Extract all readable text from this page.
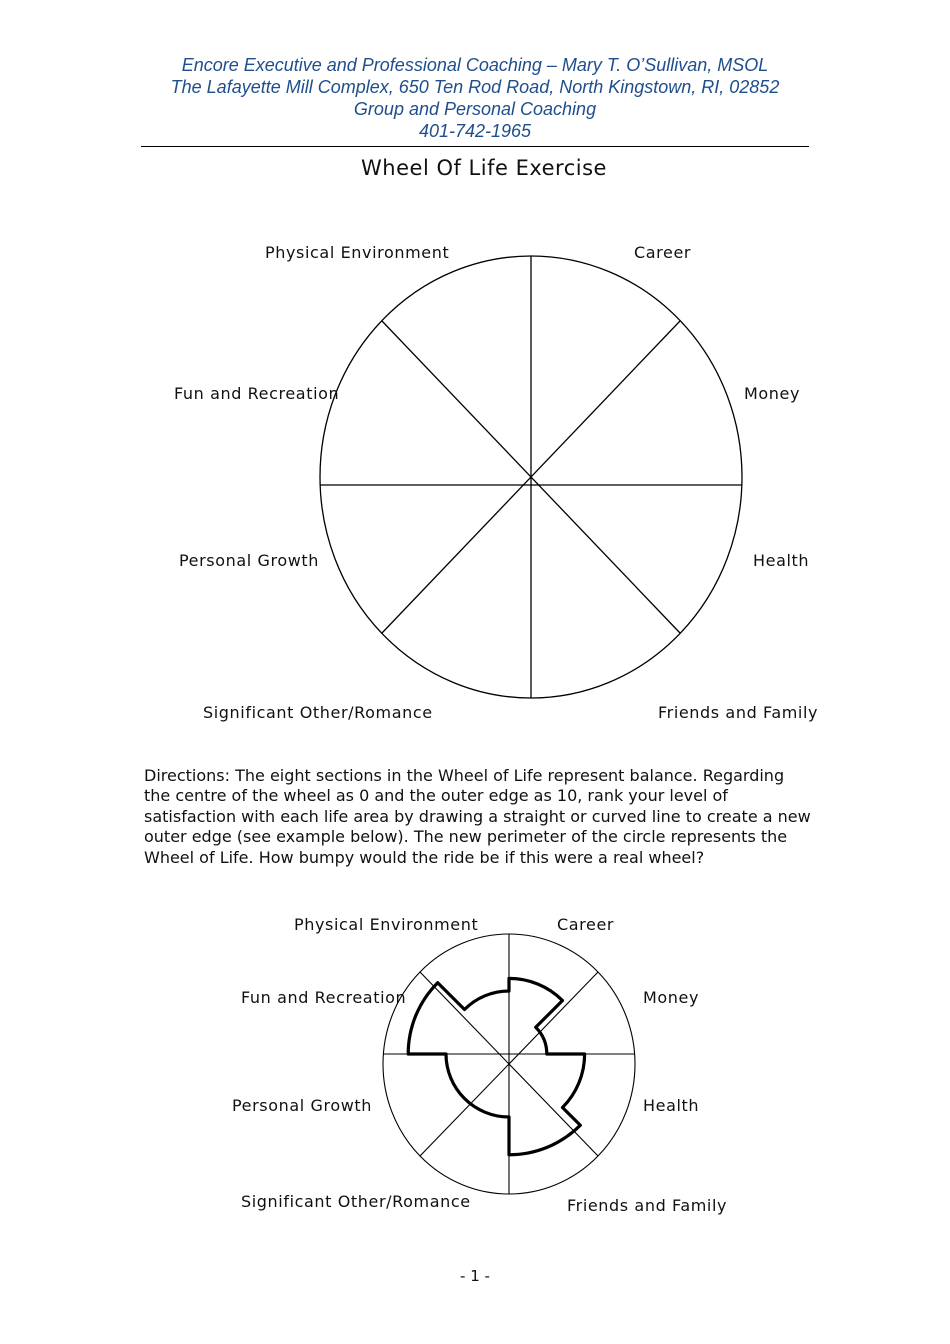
Encore Executive and Professional Coaching – Mary T. O’Sullivan, MSOL
The Lafayette Mill Complex, 650 Ten Rod Road, North Kingstown, RI, 02852
Group and Personal Coaching
401-742-1965
Wheel Of Life Exercise
Physical Environment	Career
Fun and Recreation	Money
Personal Growth	Health
Significant Other/Romance	Friends and Family
Directions: The eight sections in the Wheel of Life represent balance. Regarding the centre of the wheel as 0 and the outer edge as 10, rank your level of satisfaction with each life area by drawing a straight or curved line to create a new outer edge (see example below). The new perimeter of the circle represents the Wheel of Life. How bumpy would the ride be if this were a real wheel?
Physical Environment	Career
Fun and Recreation	Money
Personal Growth	Health
Significant Other/Romance	Friends and Family
- 1 -
